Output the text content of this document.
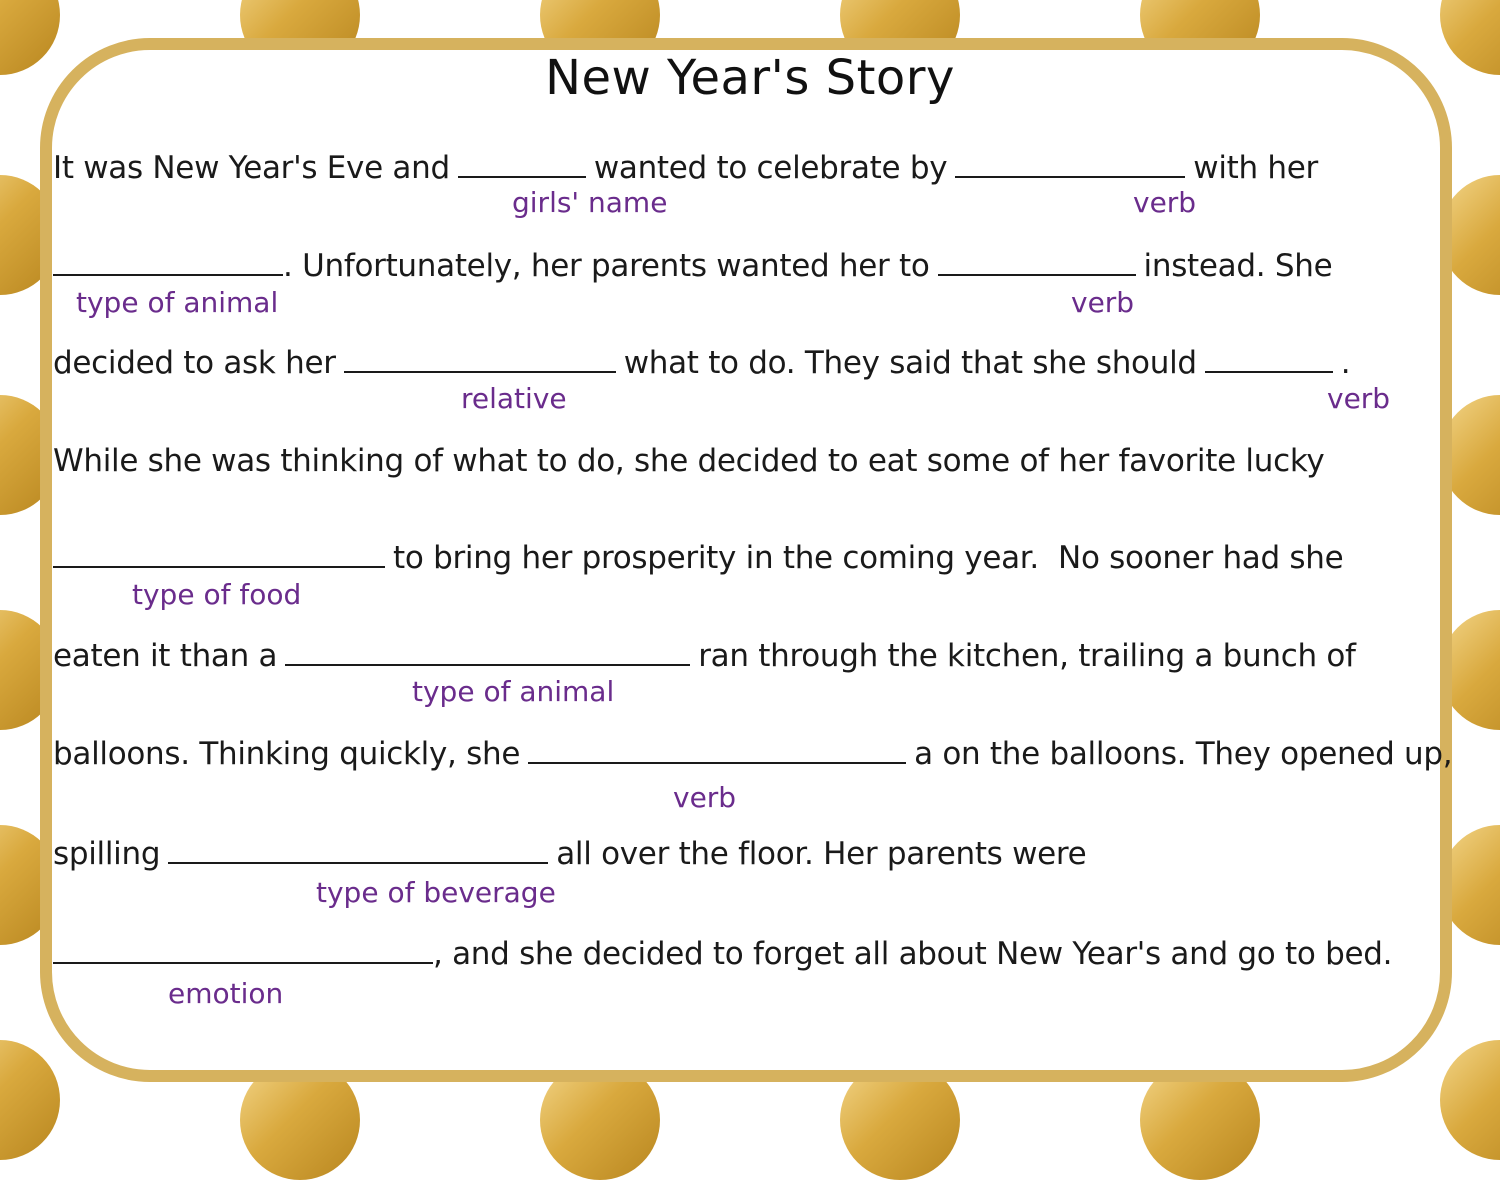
New Year's Story
It was New Year's Eve and	wanted to celebrate by	with her
girls' name	verb
. Unfortunately, her parents wanted her to	instead. She
type of animal	verb
decided to ask her	what to do. They said that she should	.
relative	verb
While she was thinking of what to do, she decided to eat some of her favorite lucky
to bring her prosperity in the coming year.  No sooner had she
type of food
eaten it than a	ran through the kitchen, trailing a bunch of
type of animal
balloons. Thinking quickly, she	a on the balloons. They opened up,
verb
spilling	all over the floor. Her parents were
type of beverage
, and she decided to forget all about New Year's and go to bed.
emotion
